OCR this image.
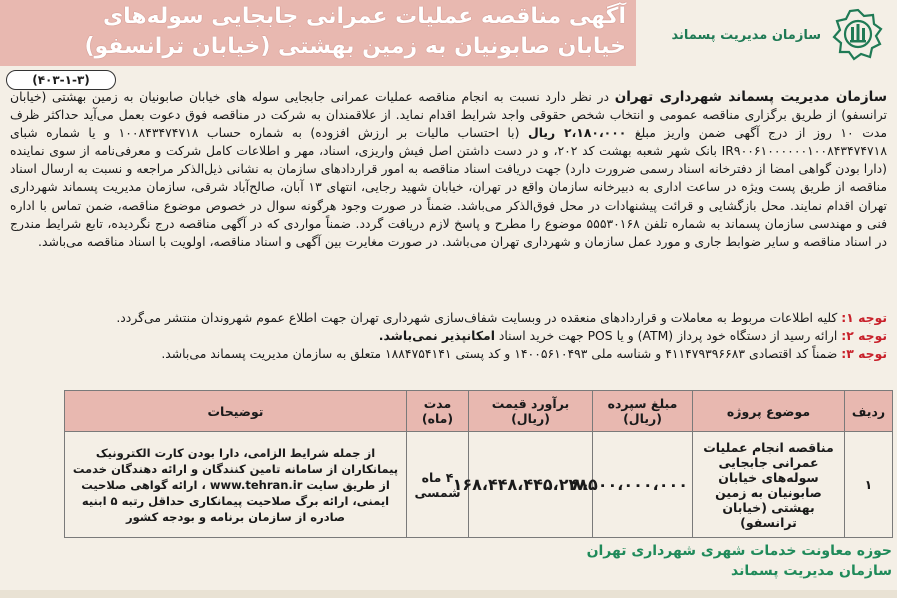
آگهی مناقصه عملیات عمرانی جابجایی سوله‌های
خیابان صابونیان به زمین بهشتی (خیابان ترانسفو)	سازمان مدیریت پسماند
(۴۰۳-۱-۳)
سازمان مدیریت پسماند شهرداری تهران در نظر دارد نسبت به انجام مناقصه عملیات عمرانی جابجایی سوله های خیابان صابونیان به زمین بهشتی (خیابان ترانسفو) از طریق برگزاری مناقصه عمومی و انتخاب شخص حقوقی واجد شرایط اقدام نماید. از علاقمندان به شرکت در مناقصه فوق دعوت بعمل می‌آید حداکثر ظرف مدت ۱۰ روز از درج آگهی ضمن واریز مبلغ ۲،۱۸۰،۰۰۰ ریال (با احتساب مالیات بر ارزش افزوده) به شماره حساب ۱۰۰۸۴۳۴۷۴۷۱۸ و یا شماره شبای IR۹۰۰۶۱۰۰۰۰۰۰۱۰۰۸۴۳۴۷۴۷۱۸ بانک شهر شعبه بهشت کد ۲۰۲، و در دست داشتن اصل فیش واریزی، اسناد، مهر و اطلاعات کامل شرکت و معرفی‌نامه از سوی نماینده (دارا بودن گواهی امضا از دفترخانه اسناد رسمی ضرورت دارد) جهت دریافت اسناد مناقصه به امور قراردادهای سازمان به نشانی ذیل‌الذکر مراجعه و نسبت به ارسال اسناد مناقصه از طریق پست ویژه در ساعت اداری به دبیرخانه سازمان واقع در تهران، خیابان شهید رجایی، انتهای ۱۳ آبان، صالح‌آباد شرقی، سازمان مدیریت پسماند شهرداری تهران اقدام نمایند. محل بازگشایی و قرائت پیشنهادات در محل فوق‌الذکر می‌باشد. ضمناً در صورت وجود هرگونه سوال در خصوص موضوع مناقصه، ضمن تماس با اداره فنی و مهندسی سازمان پسماند به شماره تلفن ۵۵۵۳۰۱۶۸ موضوع را مطرح و پاسخ لازم دریافت گردد. ضمناً مواردی که در آگهی مناقصه درج نگردیده، تابع شرایط مندرج در اسناد مناقصه و سایر ضوابط جاری و مورد عمل سازمان و شهرداری تهران می‌باشد. در صورت مغایرت بین آگهی و اسناد مناقصه، اولویت با اسناد مناقصه می‌باشد.
توجه ۱: کلیه اطلاعات مربوط به معاملات و قراردادهای منعقده در وبسایت شفاف‌سازی شهرداری تهران جهت اطلاع عموم شهروندان منتشر می‌گردد.
توجه ۲: ارائه رسید از دستگاه خود پرداز (ATM) و یا POS جهت خرید اسناد امکانپذیر نمی‌باشد.
توجه ۳: ضمناً کد اقتصادی ۴۱۱۴۷۹۳۹۶۶۸۳ و شناسه ملی ۱۴۰۰۵۶۱۰۴۹۳ و کد پستی ۱۸۸۴۷۵۴۱۴۱ متعلق به سازمان مدیریت پسماند می‌باشد.
ردیف	موضوع پروژه	مبلغ سپرده (ریال)	برآورد قیمت (ریال)	مدت (ماه)	توضیحات
۱	مناقصه انجام عملیات عمرانی جابجایی سوله‌های خیابان صابونیان به زمین بهشتی (خیابان ترانسفو)	۸،۵۰۰،۰۰۰،۰۰۰	۱۶۸،۴۴۸،۴۴۵،۲۴۸	۴ ماه شمسی	از جمله شرایط الزامی، دارا بودن کارت الکترونیک پیمانکاران از سامانه تامین کنندگان و ارائه دهندگان خدمت از طریق سایت www.tehran.ir ، ارائه گواهی صلاحیت ایمنی، ارائه برگ صلاحیت پیمانکاری حداقل رتبه ۵ ابنیه صادره از سازمان برنامه و بودجه کشور
حوزه معاونت خدمات شهری شهرداری تهران
سازمان مدیریت پسماند
